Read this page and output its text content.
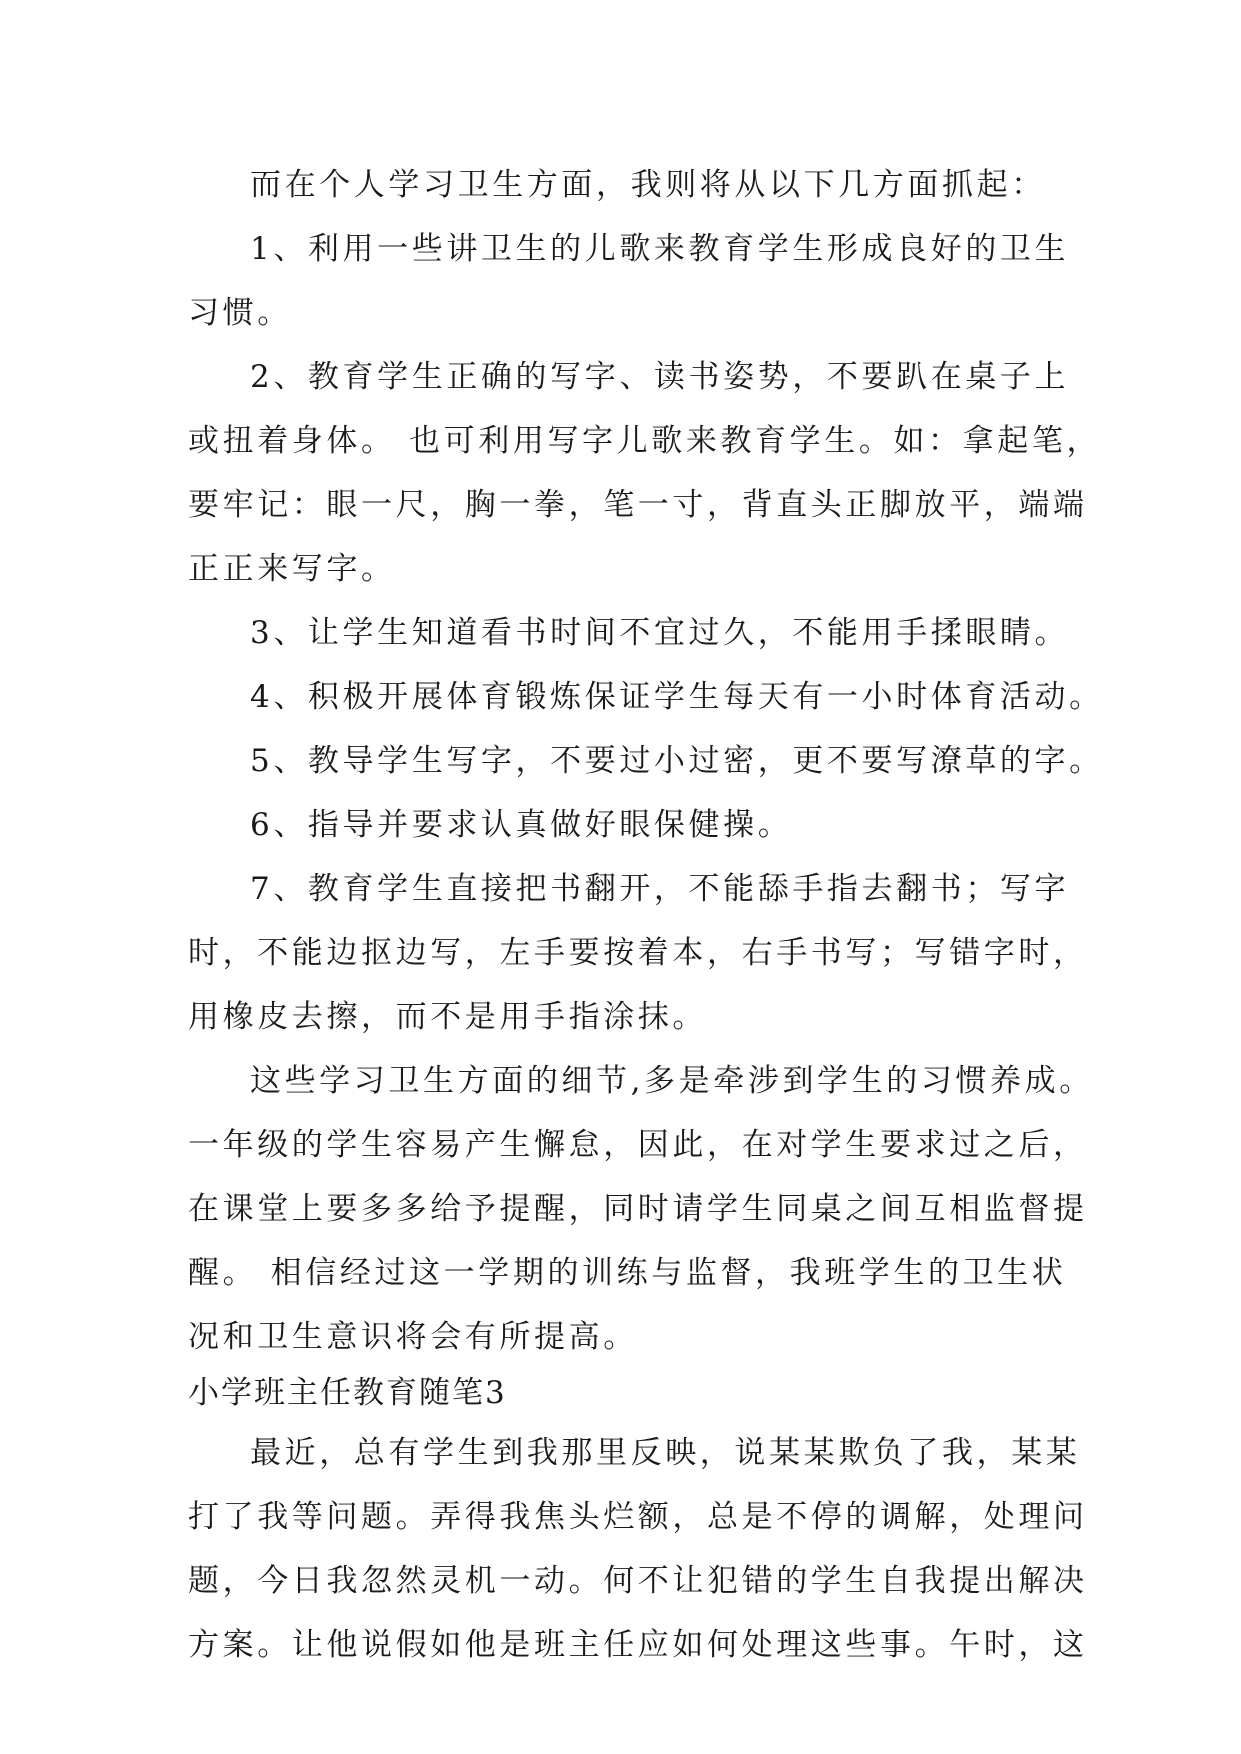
而在个人学习卫生方面，我则将从以下几方面抓起：
1、利用一些讲卫生的儿歌来教育学生形成良好的卫生
习惯。
2、教育学生正确的写字、读书姿势，不要趴在桌子上
或扭着身体。 也可利用写字儿歌来教育学生。如：拿起笔，
要牢记：眼一尺，胸一拳，笔一寸，背直头正脚放平，端端
正正来写字。
3、让学生知道看书时间不宜过久，不能用手揉眼睛。
4、积极开展体育锻炼保证学生每天有一小时体育活动。
5、教导学生写字，不要过小过密，更不要写潦草的字。
6、指导并要求认真做好眼保健操。
7、教育学生直接把书翻开，不能舔手指去翻书；写字
时，不能边抠边写，左手要按着本，右手书写；写错字时，
用橡皮去擦，而不是用手指涂抹。
这些学习卫生方面的细节,多是牵涉到学生的习惯养成。
一年级的学生容易产生懈怠，因此，在对学生要求过之后，
在课堂上要多多给予提醒，同时请学生同桌之间互相监督提
醒。 相信经过这一学期的训练与监督，我班学生的卫生状
况和卫生意识将会有所提高。
小学班主任教育随笔3
最近，总有学生到我那里反映，说某某欺负了我，某某
打了我等问题。弄得我焦头烂额，总是不停的调解，处理问
题，今日我忽然灵机一动。何不让犯错的学生自我提出解决
方案。让他说假如他是班主任应如何处理这些事。午时，这
